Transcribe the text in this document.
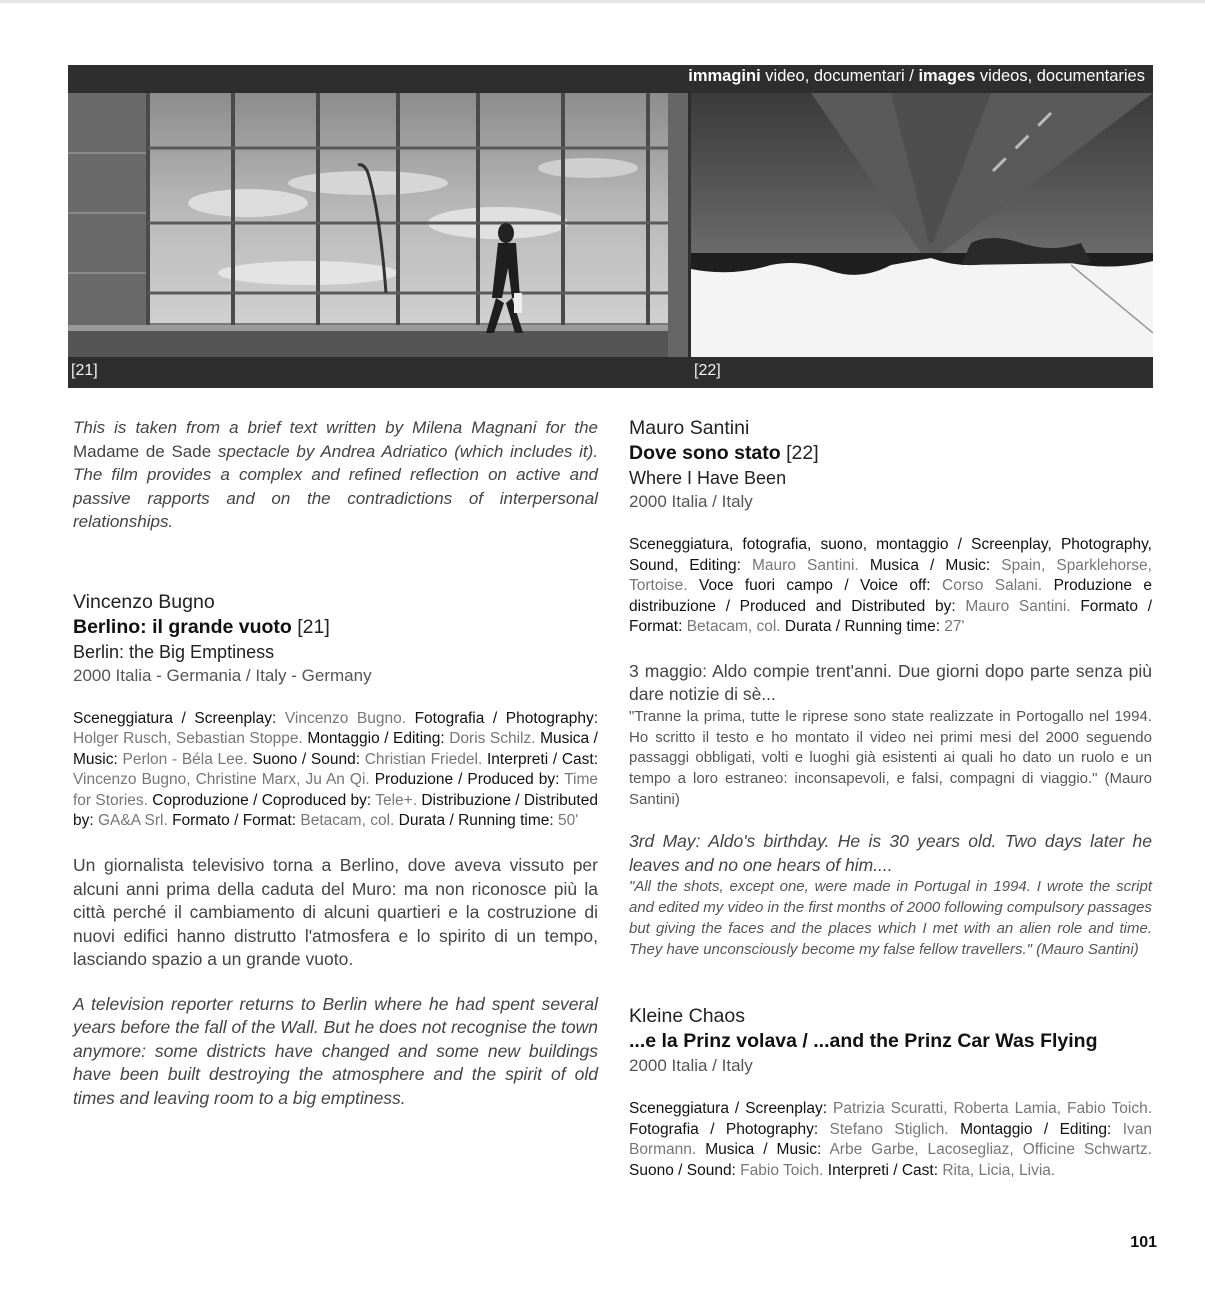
immagini video, documentari / images videos, documentaries
[21]	[22]

This is taken from a brief text written by Milena Magnani for the Madame de Sade spectacle by Andrea Adriatico (which includes it). The film provides a complex and refined reflection on active and passive rapports and on the contradictions of interpersonal relationships.

Vincenzo Bugno

Berlino: il grande vuoto [21]

Berlin: the Big Emptiness

2000 Italia - Germania / Italy - Germany

Sceneggiatura / Screenplay: Vincenzo Bugno. Fotografia / Photography: Holger Rusch, Sebastian Stoppe. Montaggio / Editing: Doris Schilz. Musica / Music: Perlon - Béla Lee. Suono / Sound: Christian Friedel. Interpreti / Cast: Vincenzo Bugno, Christine Marx, Ju An Qi. Produzione / Produced by: Time for Stories. Coproduzione / Coproduced by: Tele+. Distribuzione / Distributed by: GA&A Srl. Formato / Format: Betacam, col. Durata / Running time: 50'

Un giornalista televisivo torna a Berlino, dove aveva vissuto per alcuni anni prima della caduta del Muro: ma non riconosce più la città perché il cambiamento di alcuni quartieri e la costruzione di nuovi edifici hanno distrutto l'atmosfera e lo spirito di un tempo, lasciando spazio a un grande vuoto.

A television reporter returns to Berlin where he had spent several years before the fall of the Wall. But he does not recognise the town anymore: some districts have changed and some new buildings have been built destroying the atmosphere and the spirit of old times and leaving room to a big emptiness.

Mauro Santini

Dove sono stato [22]

Where I Have Been

2000 Italia / Italy

Sceneggiatura, fotografia, suono, montaggio / Screenplay, Photography, Sound, Editing: Mauro Santini. Musica / Music: Spain, Sparklehorse, Tortoise. Voce fuori campo / Voice off: Corso Salani. Produzione e distribuzione / Produced and Distributed by: Mauro Santini. Formato / Format: Betacam, col. Durata / Running time: 27'

3 maggio: Aldo compie trent'anni. Due giorni dopo parte senza più dare notizie di sè...

"Tranne la prima, tutte le riprese sono state realizzate in Portogallo nel 1994. Ho scritto il testo e ho montato il video nei primi mesi del 2000 seguendo passaggi obbligati, volti e luoghi già esistenti ai quali ho dato un ruolo e un tempo a loro estraneo: inconsapevoli, e falsi, compagni di viaggio." (Mauro Santini)

3rd May: Aldo's birthday. He is 30 years old. Two days later he leaves and no one hears of him....

"All the shots, except one, were made in Portugal in 1994. I wrote the script and edited my video in the first months of 2000 following compulsory passages but giving the faces and the places which I met with an alien role and time. They have unconsciously become my false fellow travellers." (Mauro Santini)

Kleine Chaos

...e la Prinz volava / ...and the Prinz Car Was Flying

2000 Italia / Italy

Sceneggiatura / Screenplay: Patrizia Scuratti, Roberta Lamia, Fabio Toich. Fotografia / Photography: Stefano Stiglich. Montaggio / Editing: Ivan Bormann. Musica / Music: Arbe Garbe, Lacosegliaz, Officine Schwartz. Suono / Sound: Fabio Toich. Interpreti / Cast: Rita, Licia, Livia.

101
